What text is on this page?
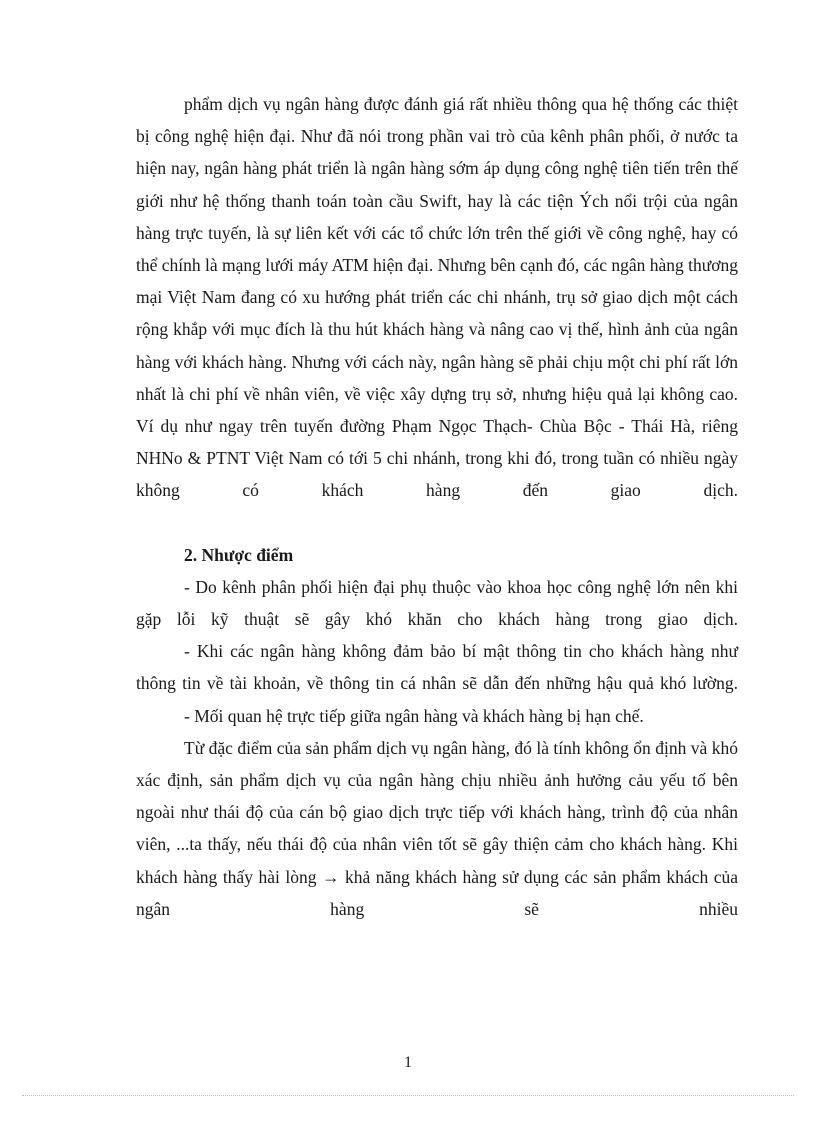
phẩm dịch vụ ngân hàng được đánh giá rất nhiều thông qua hệ thống các thiệt bị công nghệ hiện đại. Như đã nói trong phần vai trò của kênh phân phối, ở nước ta hiện nay, ngân hàng phát triển là ngân hàng sớm áp dụng công nghệ tiên tiến trên thế giới như hệ thống thanh toán toàn cầu Swift, hay là các tiện Ých nổi trội của ngân hàng trực tuyến, là sự liên kết với các tổ chức lớn trên thế giới về công nghệ, hay có thể chính là mạng lưới máy ATM hiện đại. Nhưng bên cạnh đó, các ngân hàng thương mại Việt Nam đang có xu hướng phát triển các chi nhánh, trụ sở giao dịch một cách rộng khắp với mục đích là thu hút khách hàng và nâng cao vị thế, hình ảnh của ngân hàng với khách hàng. Nhưng với cách này, ngân hàng sẽ phải chịu một chi phí rất lớn nhất là chi phí về nhân viên, về việc xây dựng trụ sở, nhưng hiệu quả lại không cao. Ví dụ như ngay trên tuyến đường Phạm Ngọc Thạch- Chùa Bộc - Thái Hà, riêng NHNo & PTNT Việt Nam có tới 5 chi nhánh, trong khi đó, trong tuần có nhiều ngày không có khách hàng đến giao dịch.

2. Nhược điểm

- Do kênh phân phối hiện đại phụ thuộc vào khoa học công nghệ lớn nên khi gặp lỗi kỹ thuật sẽ gây khó khăn cho khách hàng trong giao dịch.

- Khi các ngân hàng không đảm bảo bí mật thông tin cho khách hàng như thông tin về tài khoản, về thông tin cá nhân sẽ dẫn đến những hậu quả khó lường.

- Mối quan hệ trực tiếp giữa ngân hàng và khách hàng bị hạn chế.

Từ đặc điểm của sản phẩm dịch vụ ngân hàng, đó là tính không ổn định và khó xác định, sản phẩm dịch vụ của ngân hàng chịu nhiều ảnh hưởng cảu yếu tố bên ngoài như thái độ của cán bộ giao dịch trực tiếp với khách hàng, trình độ của nhân viên, ...ta thấy, nếu thái độ của nhân viên tốt sẽ gây thiện cảm cho khách hàng. Khi khách hàng thấy hài lòng → khả năng khách hàng sử dụng các sản phẩm khách của ngân hàng sẽ nhiều

1
